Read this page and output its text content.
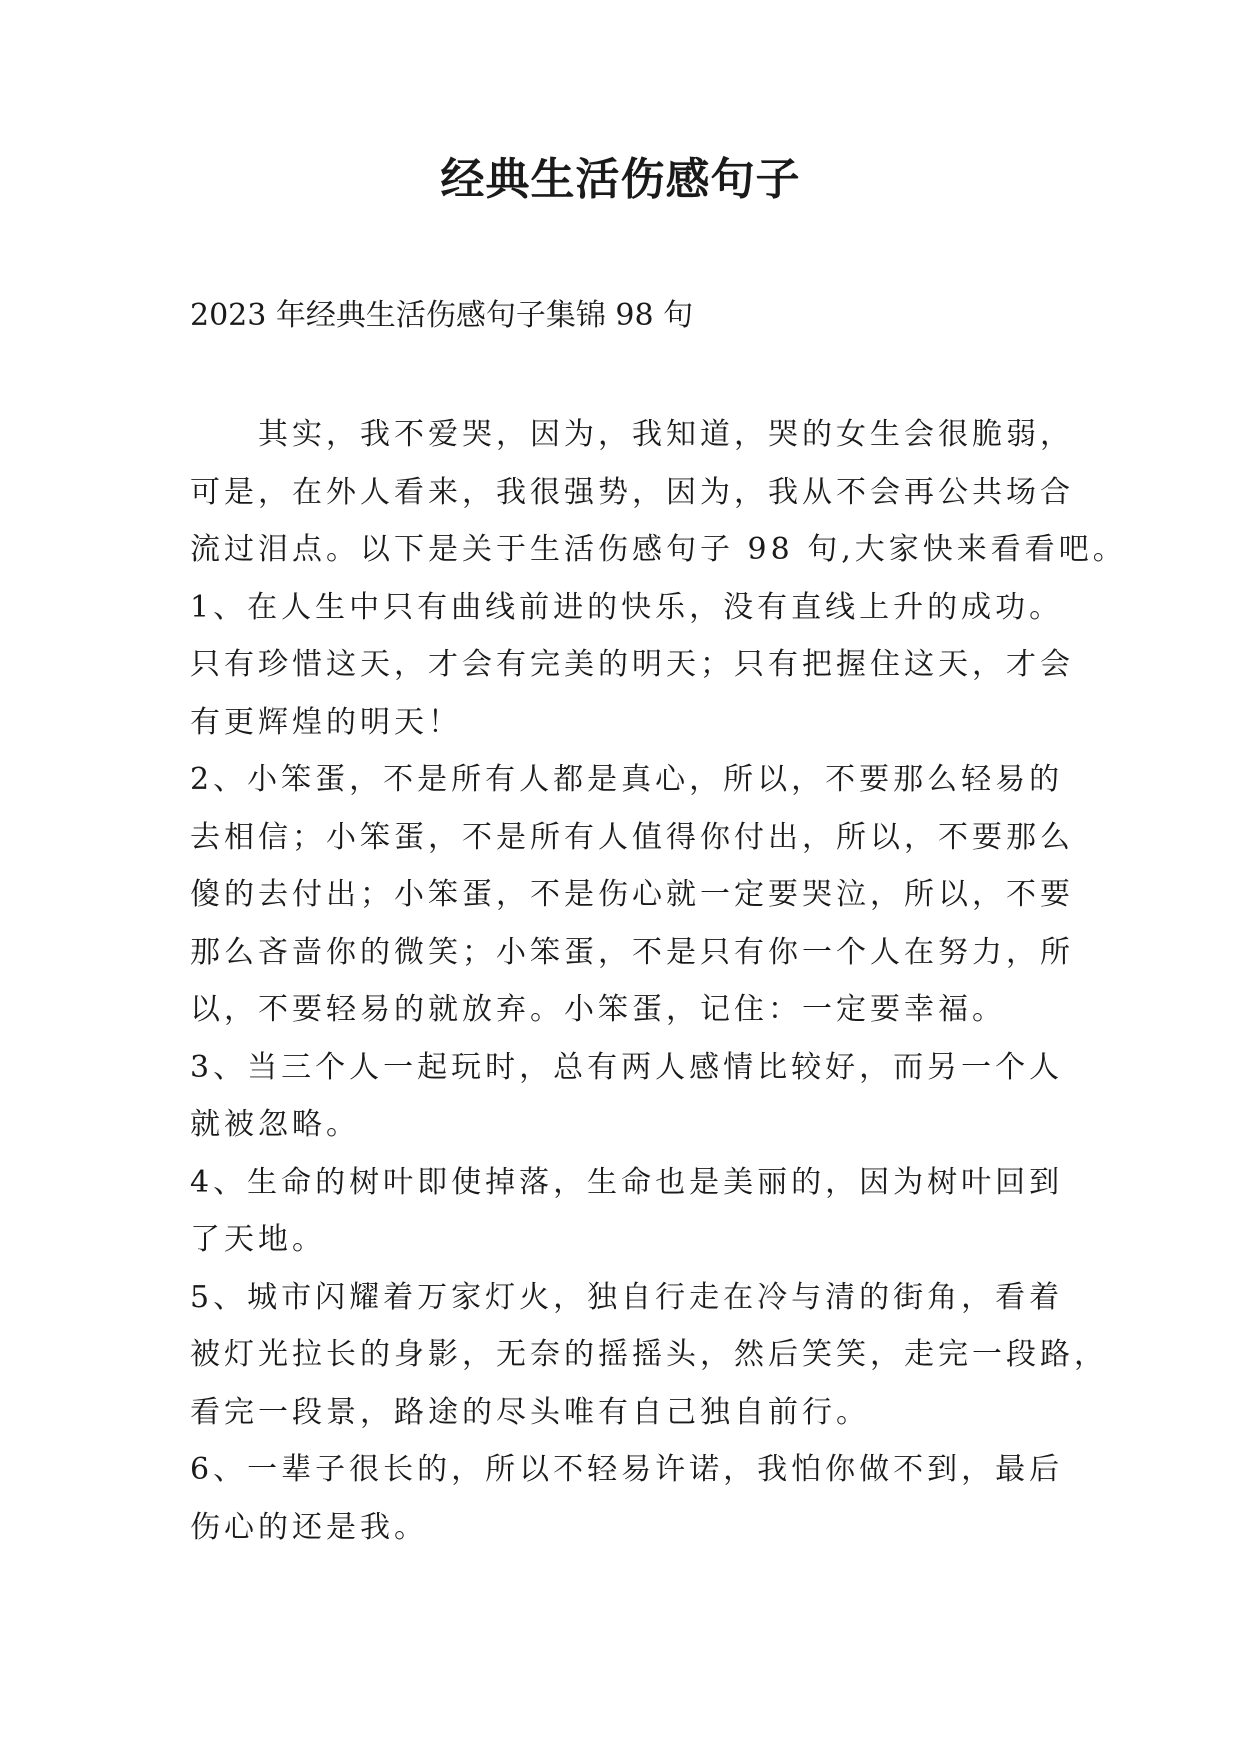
经典生活伤感句子

2023 年经典生活伤感句子集锦 98 句

其实，我不爱哭，因为，我知道，哭的女生会很脆弱，
可是，在外人看来，我很强势，因为，我从不会再公共场合
流过泪点。以下是关于生活伤感句子 98 句,大家快来看看吧。
1、在人生中只有曲线前进的快乐，没有直线上升的成功。
只有珍惜这天，才会有完美的明天；只有把握住这天，才会
有更辉煌的明天！
2、小笨蛋，不是所有人都是真心，所以，不要那么轻易的
去相信；小笨蛋，不是所有人值得你付出，所以，不要那么
傻的去付出；小笨蛋，不是伤心就一定要哭泣，所以，不要
那么吝啬你的微笑；小笨蛋，不是只有你一个人在努力，所
以，不要轻易的就放弃。小笨蛋，记住：一定要幸福。
3、当三个人一起玩时，总有两人感情比较好，而另一个人
就被忽略。
4、生命的树叶即使掉落，生命也是美丽的，因为树叶回到
了天地。
5、城市闪耀着万家灯火，独自行走在冷与清的街角，看着
被灯光拉长的身影，无奈的摇摇头，然后笑笑，走完一段路，
看完一段景，路途的尽头唯有自己独自前行。
6、一辈子很长的，所以不轻易许诺，我怕你做不到，最后
伤心的还是我。
